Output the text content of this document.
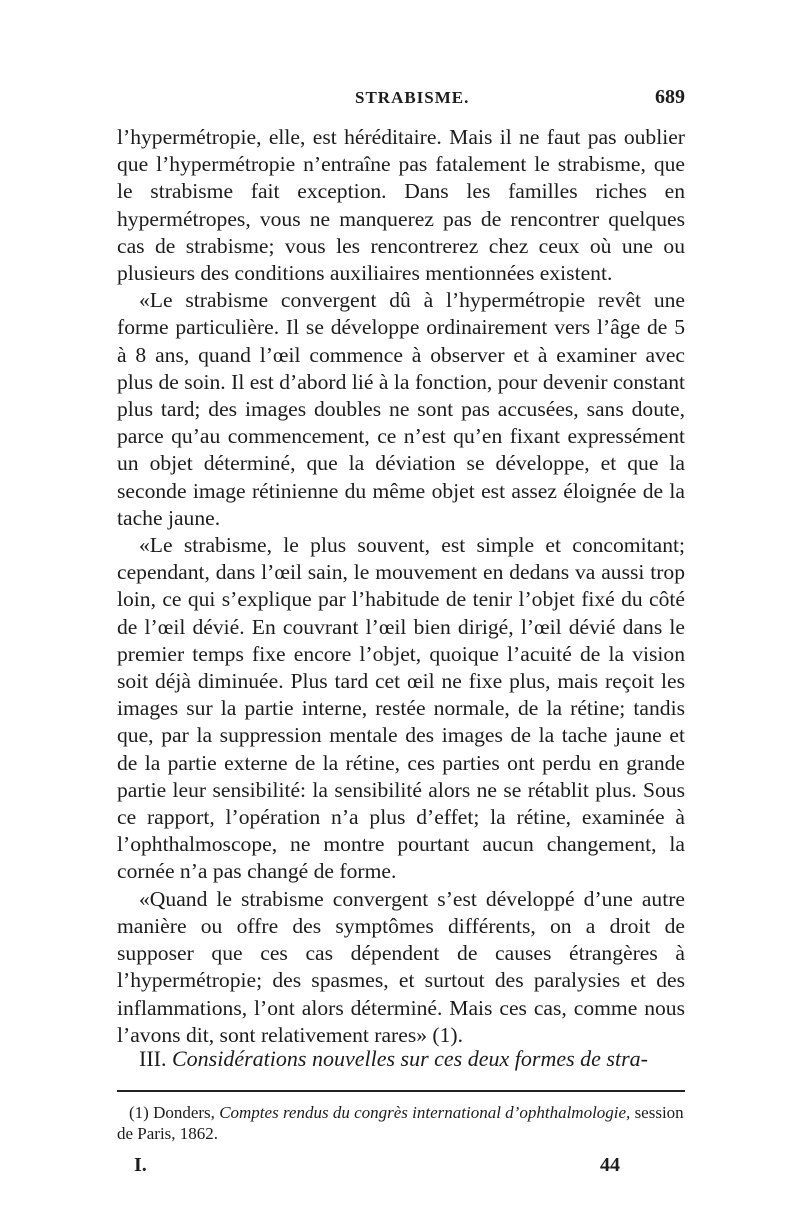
STRABISME.	689

l’hypermétropie, elle, est héréditaire. Mais il ne faut pas oublier que l’hypermétropie n’entraîne pas fatalement le strabisme, que le strabisme fait exception. Dans les familles riches en hypermétropes, vous ne manquerez pas de rencontrer quelques cas de strabisme; vous les rencontrerez chez ceux où une ou plusieurs des conditions auxiliaires mentionnées existent.

«Le strabisme convergent dû à l’hypermétropie revêt une forme particulière. Il se développe ordinairement vers l’âge de 5 à 8 ans, quand l’œil commence à observer et à examiner avec plus de soin. Il est d’abord lié à la fonction, pour devenir constant plus tard; des images doubles ne sont pas accusées, sans doute, parce qu’au commencement, ce n’est qu’en fixant expressément un objet déterminé, que la déviation se développe, et que la seconde image rétinienne du même objet est assez éloignée de la tache jaune.

«Le strabisme, le plus souvent, est simple et concomitant; cependant, dans l’œil sain, le mouvement en dedans va aussi trop loin, ce qui s’explique par l’habitude de tenir l’objet fixé du côté de l’œil dévié. En couvrant l’œil bien dirigé, l’œil dévié dans le premier temps fixe encore l’objet, quoique l’acuité de la vision soit déjà diminuée. Plus tard cet œil ne fixe plus, mais reçoit les images sur la partie interne, restée normale, de la rétine; tandis que, par la suppression mentale des images de la tache jaune et de la partie externe de la rétine, ces parties ont perdu en grande partie leur sensibilité: la sensibilité alors ne se rétablit plus. Sous ce rapport, l’opération n’a plus d’effet; la rétine, examinée à l’ophthalmoscope, ne montre pourtant aucun changement, la cornée n’a pas changé de forme.

«Quand le strabisme convergent s’est développé d’une autre manière ou offre des symptômes différents, on a droit de supposer que ces cas dépendent de causes étrangères à l’hypermétropie; des spasmes, et surtout des paralysies et des inflammations, l’ont alors déterminé. Mais ces cas, comme nous l’avons dit, sont relativement rares» (1).

III. Considérations nouvelles sur ces deux formes de stra-
(1) Donders, Comptes rendus du congrès international d’ophthalmologie, session de Paris, 1862.
I.	44
